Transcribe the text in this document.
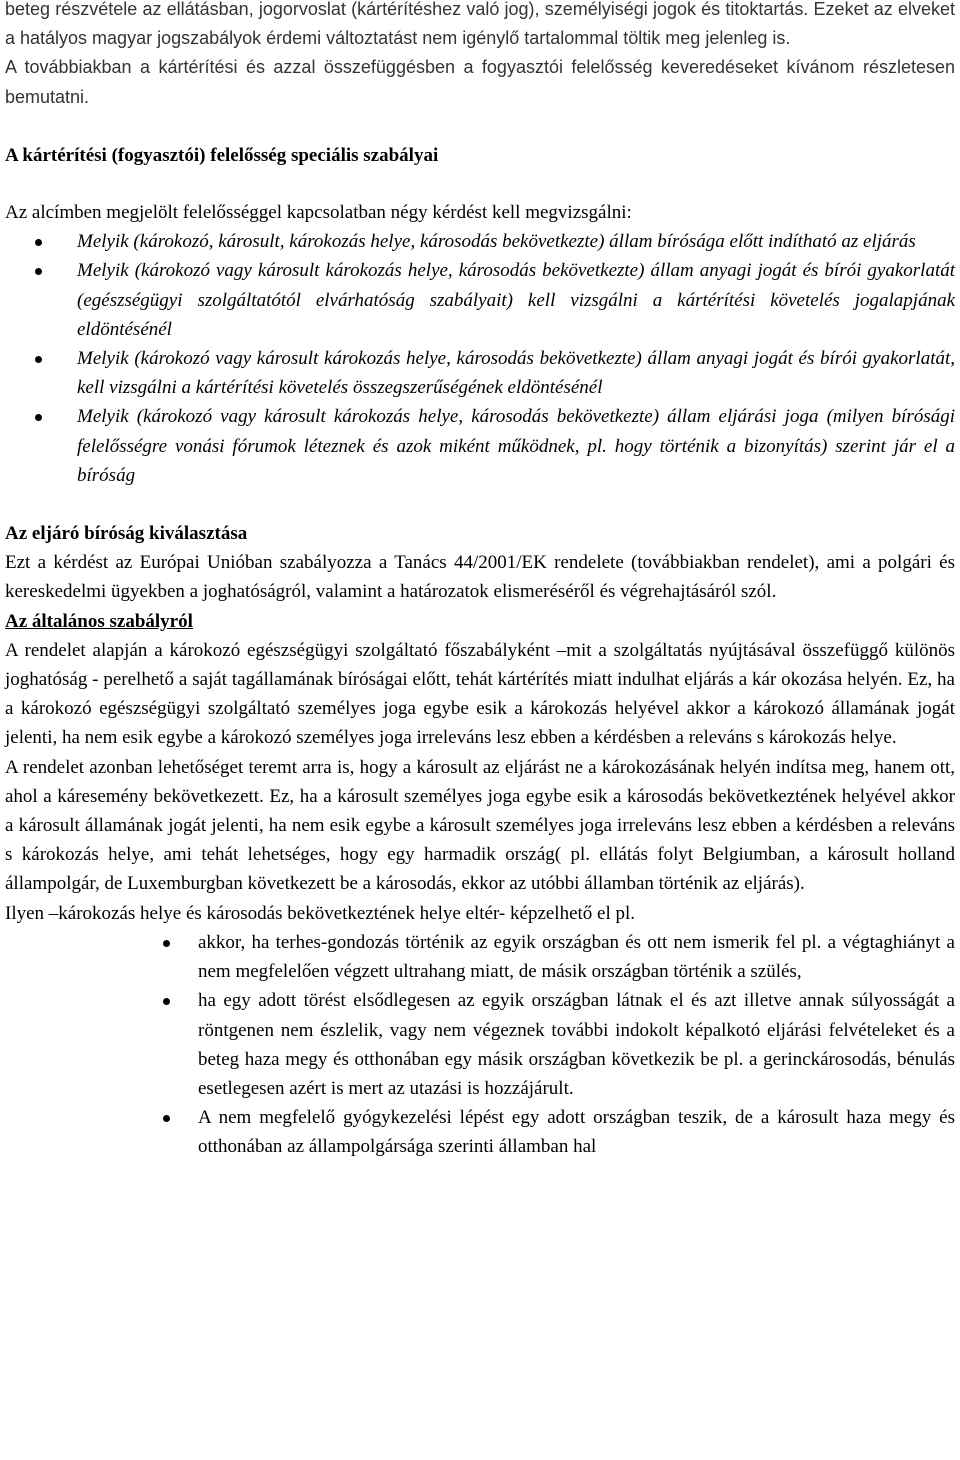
beteg részvétele az ellátásban, jogorvoslat (kártérítéshez való jog), személyiségi jogok és titoktartás. Ezeket az elveket a hatályos magyar jogszabályok érdemi változtatást nem igénylő tartalommal töltik meg jelenleg is.

A továbbiakban a kártérítési és azzal összefüggésben a fogyasztói felelősség keveredéseket kívánom részletesen bemutatni.

A kártérítési (fogyasztói) felelősség speciális szabályai

Az alcímben megjelölt felelősséggel kapcsolatban négy kérdést kell megvizsgálni:

Melyik (károkozó, károsult, károkozás helye, károsodás bekövetkezte) állam bírósága előtt indítható az eljárás
Melyik (károkozó vagy károsult károkozás helye, károsodás bekövetkezte) állam anyagi jogát és bírói gyakorlatát (egészségügyi szolgáltatótól elvárhatóság szabályait) kell vizsgálni a kártérítési követelés jogalapjának eldöntésénél
Melyik (károkozó vagy károsult károkozás helye, károsodás bekövetkezte) állam anyagi jogát és bírói gyakorlatát, kell vizsgálni a kártérítési követelés összegszerűségének eldöntésénél
Melyik (károkozó vagy károsult károkozás helye, károsodás bekövetkezte) állam eljárási joga (milyen bírósági felelősségre vonási fórumok léteznek és azok miként működnek, pl. hogy történik a bizonyítás) szerint jár el a bíróság
Az eljáró bíróság kiválasztása

Ezt a kérdést az Európai Unióban szabályozza a Tanács 44/2001/EK rendelete (továbbiakban rendelet), ami a polgári és kereskedelmi ügyekben a joghatóságról, valamint a határozatok elismeréséről és végrehajtásáról szól.

Az általános szabályról

A rendelet alapján a károkozó egészségügyi szolgáltató főszabályként –mit a szolgáltatás nyújtásával összefüggő különös joghatóság - perelhető a saját tagállamának bíróságai előtt, tehát kártérítés miatt indulhat eljárás a kár okozása helyén. Ez, ha a károkozó egészségügyi szolgáltató személyes joga egybe esik a károkozás helyével akkor a károkozó államának jogát jelenti, ha nem esik egybe a károkozó személyes joga irreleváns lesz ebben a kérdésben a releváns s károkozás helye.

A rendelet azonban lehetőséget teremt arra is, hogy a károsult az eljárást ne a károkozásának helyén indítsa meg, hanem ott, ahol a káresemény bekövetkezett. Ez, ha a károsult személyes joga egybe esik a károsodás bekövetkeztének helyével akkor a károsult államának jogát jelenti, ha nem esik egybe a károsult személyes joga irreleváns lesz ebben a kérdésben a releváns s károkozás helye, ami tehát lehetséges, hogy egy harmadik ország( pl. ellátás folyt Belgiumban, a károsult holland állampolgár, de Luxemburgban következett be a károsodás, ekkor az utóbbi államban történik az eljárás).

Ilyen –károkozás helye és károsodás bekövetkeztének helye eltér- képzelhető el pl.

akkor, ha terhes-gondozás történik az egyik országban és ott nem ismerik fel pl. a végtaghiányt a nem megfelelően végzett ultrahang miatt, de másik országban történik a szülés,
ha egy adott törést elsődlegesen az egyik országban látnak el és azt illetve annak súlyosságát a röntgenen nem észlelik, vagy nem végeznek további indokolt képalkotó eljárási felvételeket és a beteg haza megy és otthonában egy másik országban következik be pl. a gerinckárosodás, bénulás esetlegesen azért is mert az utazási is hozzájárult.
A nem megfelelő gyógykezelési lépést egy adott országban teszik, de a károsult haza megy és otthonában az állampolgársága szerinti államban hal
